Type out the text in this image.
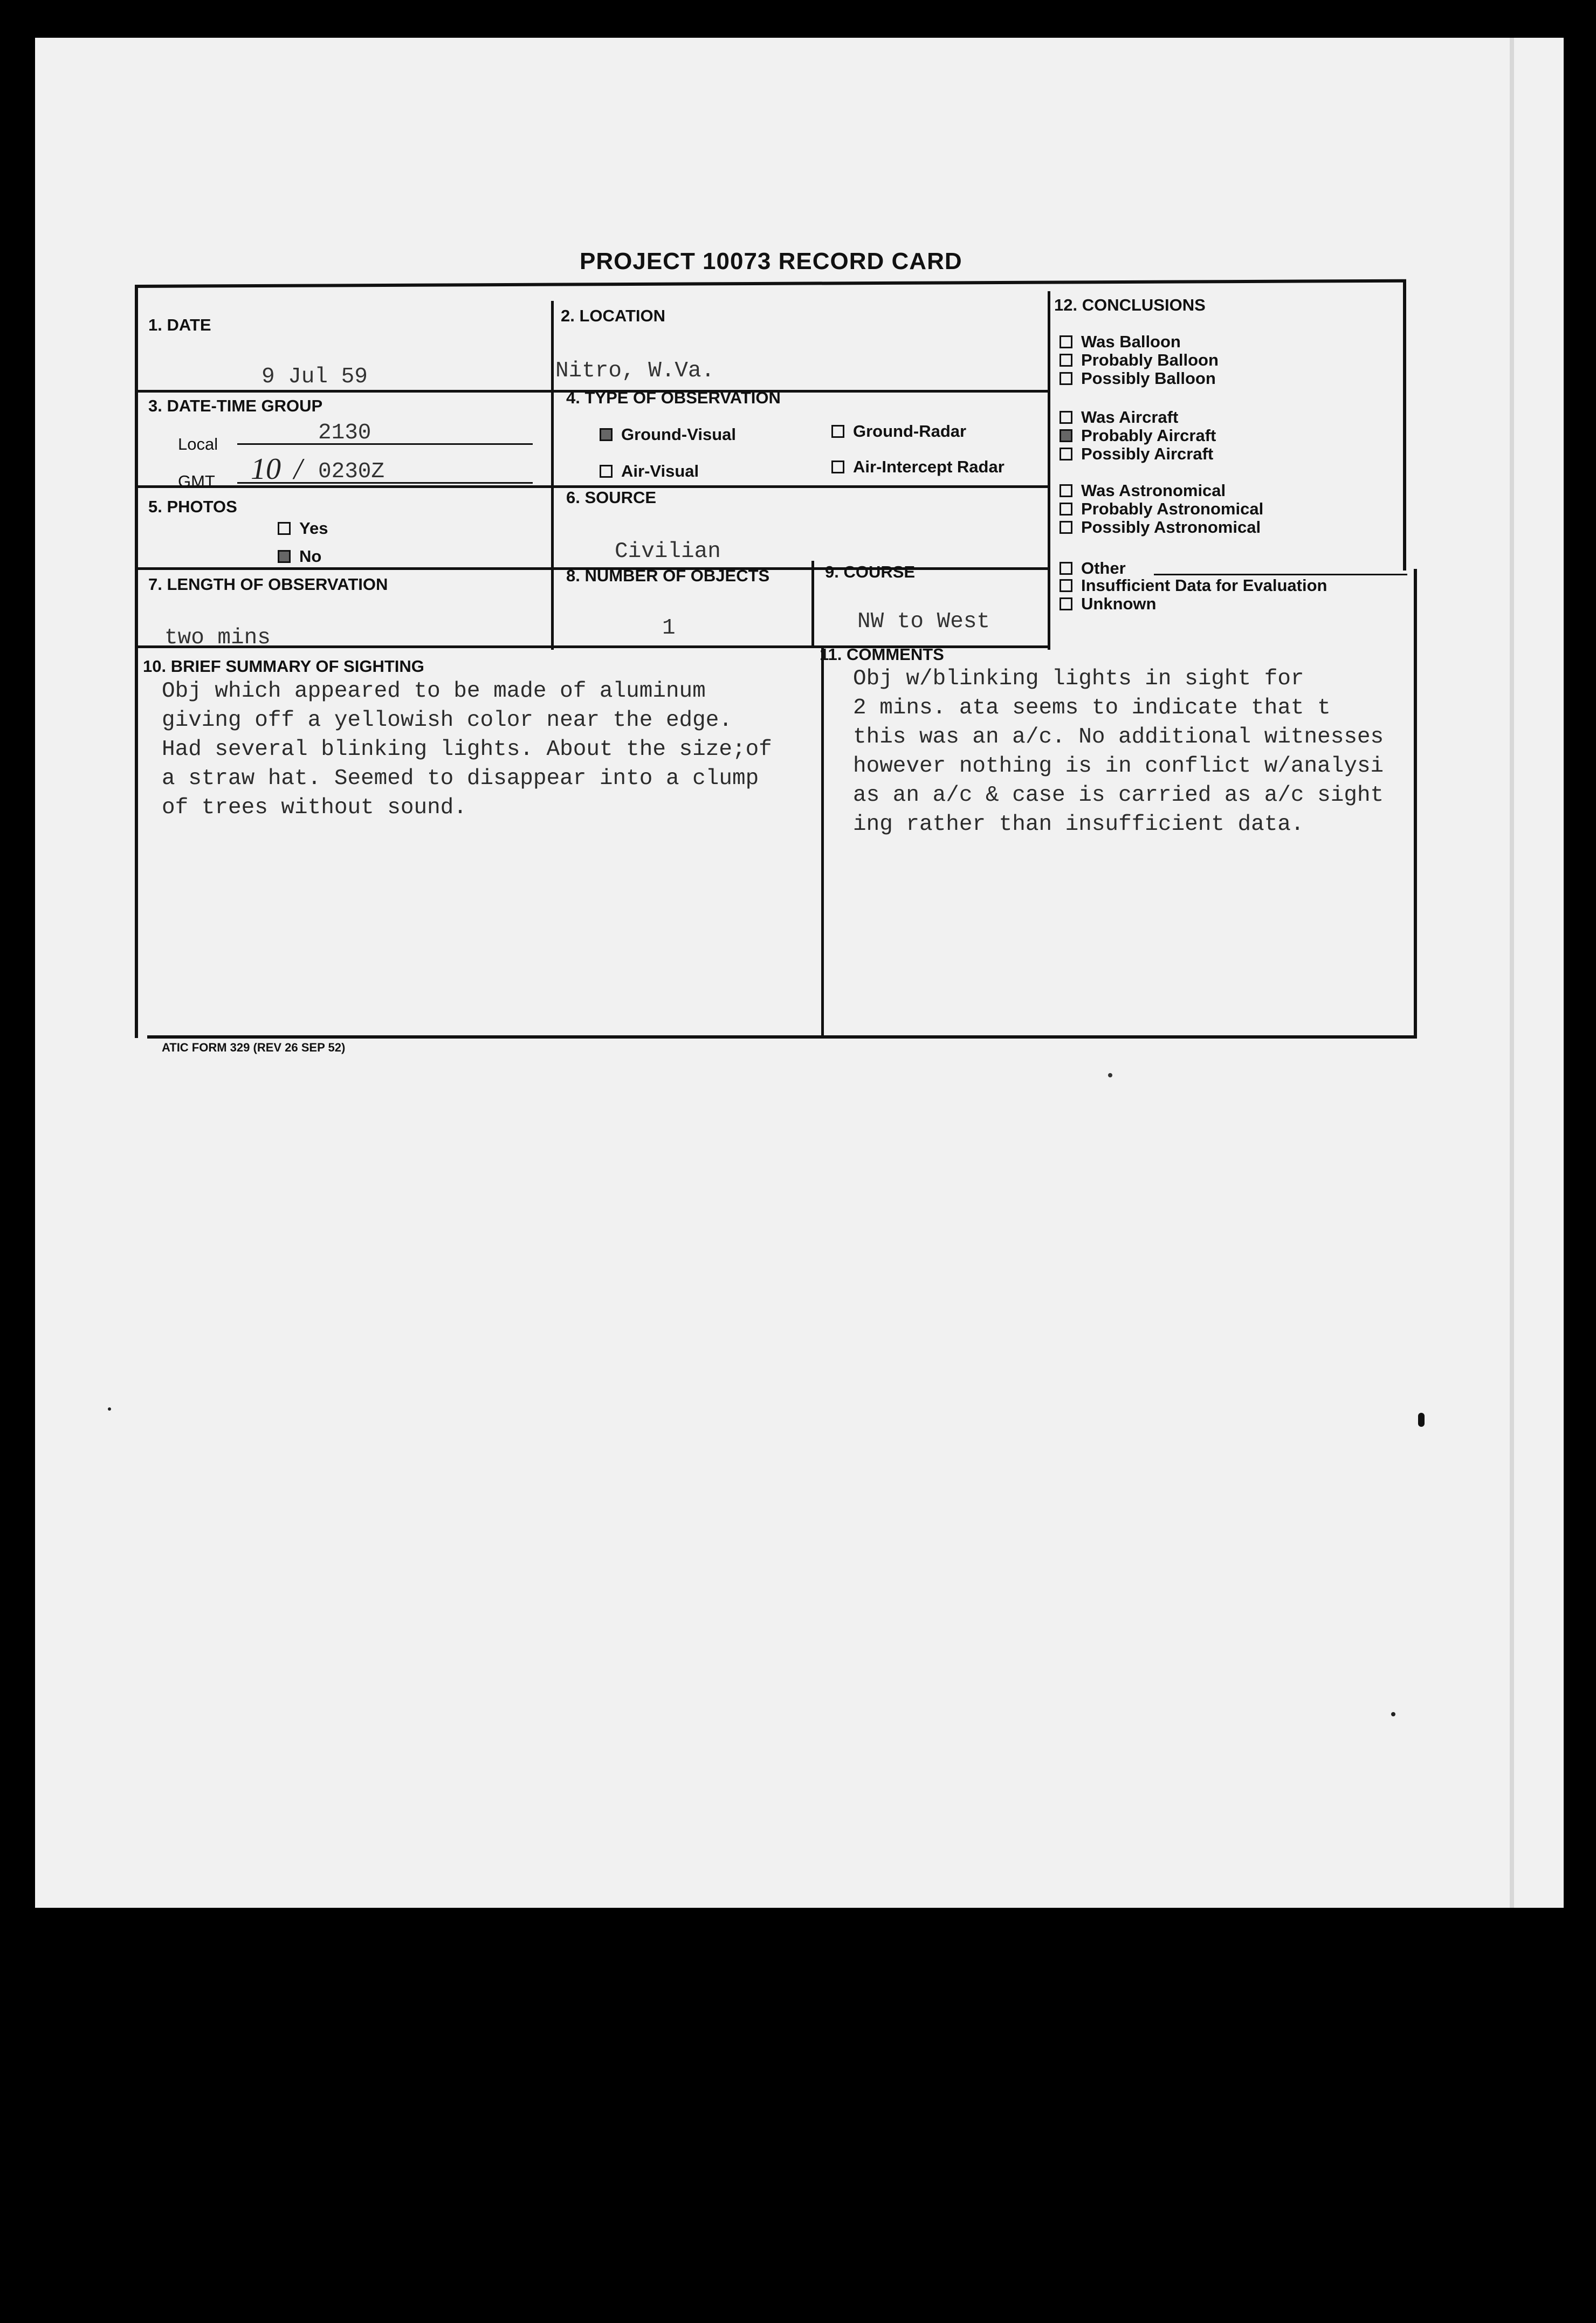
PROJECT 10073 RECORD CARD
1. DATE
9 Jul 59
2. LOCATION
Nitro, W.Va.
3. DATE-TIME GROUP
Local	2130
GMT 10 / 0230Z
4. TYPE OF OBSERVATION
Ground-Visual	Ground-Radar
Air-Visual	Air-Intercept Radar
5. PHOTOS
Yes
No
6. SOURCE
Civilian
7. LENGTH OF OBSERVATION
two mins
8. NUMBER OF OBJECTS
1
9. COURSE
NW to West
10. BRIEF SUMMARY OF SIGHTING
Obj which appeared to be made of aluminum
giving off a yellowish color near the edge.
Had several blinking lights. About the size;of
a straw hat. Seemed to disappear into a clump
of trees without sound.
11. COMMENTS
Obj w/blinking lights in sight for
2 mins. ata seems to indicate that t
this was an a/c. No additional witnesses
however nothing is in conflict w/analysi
as an a/c & case is carried as a/c sight
ing rather than insufficient data.
12. CONCLUSIONS
Was Balloon
Probably Balloon
Possibly Balloon
Was Aircraft
Probably Aircraft
Possibly Aircraft
Was Astronomical
Probably Astronomical
Possibly Astronomical
Other
Insufficient Data for Evaluation
Unknown
ATIC FORM 329 (REV 26 SEP 52)
